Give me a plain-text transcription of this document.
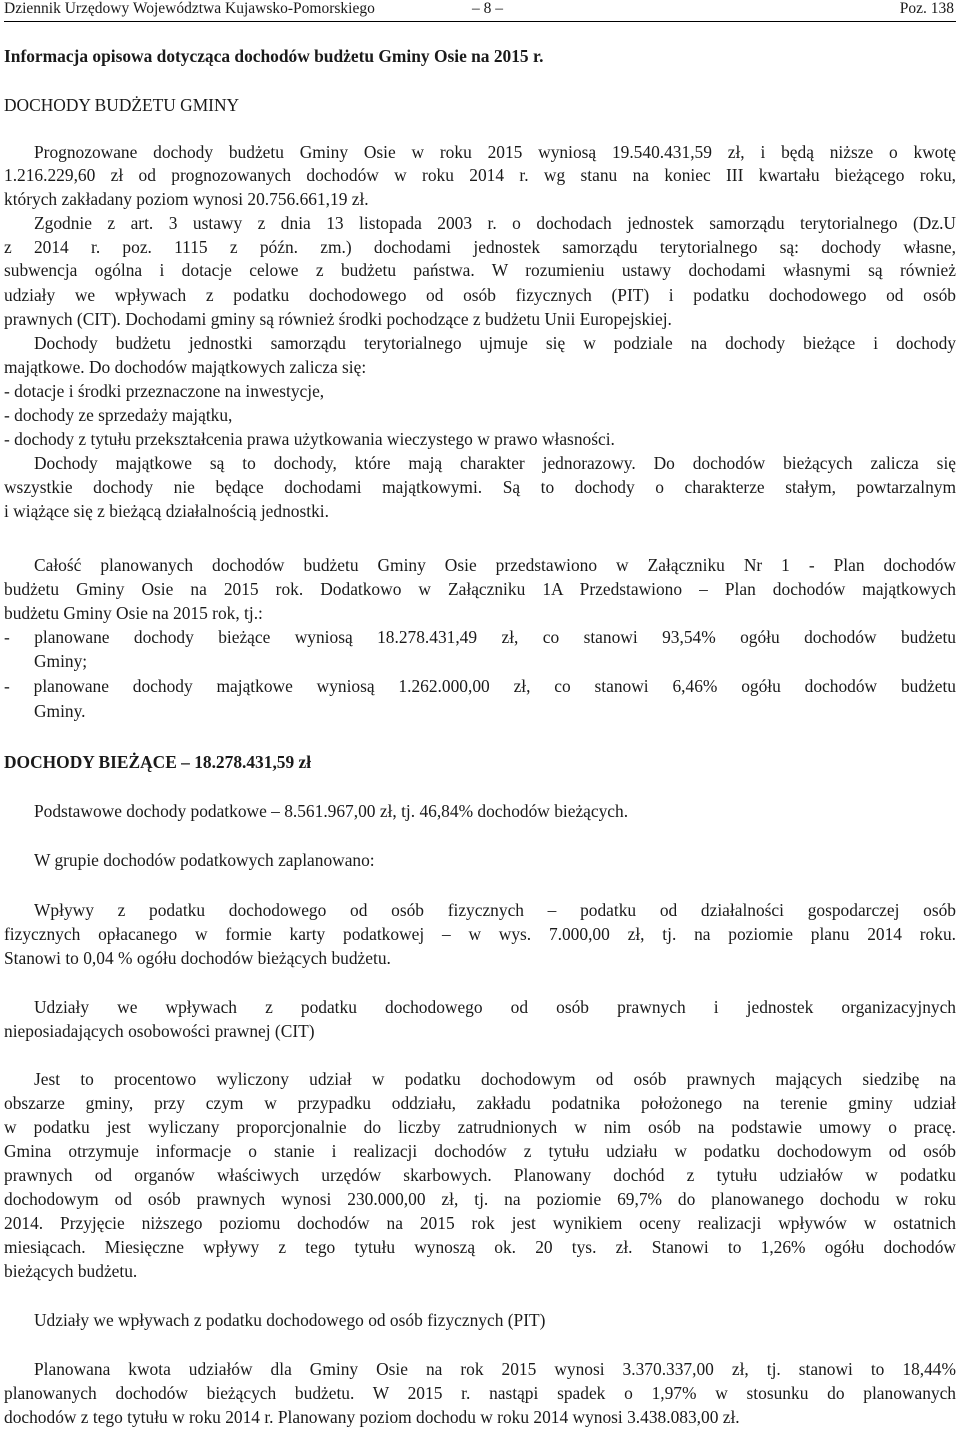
Dziennik Urzędowy Województwa Kujawsko-Pomorskiego	– 8 –	Poz. 138
Informacja opisowa dotycząca dochodów budżetu Gminy Osie na 2015 r.
DOCHODY BUDŻETU GMINY
Prognozowane dochody budżetu Gminy Osie w roku 2015 wyniosą 19.540.431,59 zł, i będą niższe o kwotę
1.216.229,60 zł od prognozowanych dochodów w roku 2014 r. wg stanu na koniec III kwartału bieżącego roku,
których zakładany poziom wynosi 20.756.661,19 zł.
Zgodnie z art. 3 ustawy z dnia 13 listopada 2003 r. o dochodach jednostek samorządu terytorialnego (Dz.U
z 2014 r. poz. 1115 z późn. zm.) dochodami jednostek samorządu terytorialnego są: dochody własne,
subwencja ogólna i dotacje celowe z budżetu państwa. W rozumieniu ustawy dochodami własnymi są również
udziały we wpływach z podatku dochodowego od osób fizycznych (PIT) i podatku dochodowego od osób
prawnych (CIT). Dochodami gminy są również środki pochodzące z budżetu Unii Europejskiej.
Dochody budżetu jednostki samorządu terytorialnego ujmuje się w podziale na dochody bieżące i dochody
majątkowe. Do dochodów majątkowych zalicza się:
- dotacje i środki przeznaczone na inwestycje,
- dochody ze sprzedaży majątku,
- dochody z tytułu przekształcenia prawa użytkowania wieczystego w prawo własności.
Dochody majątkowe są to dochody, które mają charakter jednorazowy. Do dochodów bieżących zalicza się
wszystkie dochody nie będące dochodami majątkowymi. Są to dochody o charakterze stałym, powtarzalnym
i wiążące się z bieżącą działalnością jednostki.
Całość planowanych dochodów budżetu Gminy Osie przedstawiono w Załączniku Nr 1 - Plan dochodów
budżetu Gminy Osie na 2015 rok. Dodatkowo w Załączniku 1A Przedstawiono – Plan dochodów majątkowych
budżetu Gminy Osie na 2015 rok, tj.:
- planowane dochody bieżące wyniosą 18.278.431,49 zł, co stanowi 93,54% ogółu dochodów budżetu
Gminy;
- planowane dochody majątkowe wyniosą 1.262.000,00 zł, co stanowi 6,46% ogółu dochodów budżetu
Gminy.
DOCHODY BIEŻĄCE – 18.278.431,59 zł
Podstawowe dochody podatkowe – 8.561.967,00 zł, tj. 46,84% dochodów bieżących.
W grupie dochodów podatkowych zaplanowano:
Wpływy z podatku dochodowego od osób fizycznych – podatku od działalności gospodarczej osób
fizycznych opłacanego w formie karty podatkowej – w wys. 7.000,00 zł, tj. na poziomie planu 2014 roku.
Stanowi to 0,04 % ogółu dochodów bieżących budżetu.
Udziały we wpływach z podatku dochodowego od osób prawnych i jednostek organizacyjnych
nieposiadających osobowości prawnej (CIT)
Jest to procentowo wyliczony udział w podatku dochodowym od osób prawnych mających siedzibę na
obszarze gminy, przy czym w przypadku oddziału, zakładu podatnika położonego na terenie gminy udział
w podatku jest wyliczany proporcjonalnie do liczby zatrudnionych w nim osób na podstawie umowy o pracę.
Gmina otrzymuje informacje o stanie i realizacji dochodów z tytułu udziału w podatku dochodowym od osób
prawnych od organów właściwych urzędów skarbowych. Planowany dochód z tytułu udziałów w podatku
dochodowym od osób prawnych wynosi 230.000,00 zł, tj. na poziomie 69,7% do planowanego dochodu w roku
2014. Przyjęcie niższego poziomu dochodów na 2015 rok jest wynikiem oceny realizacji wpływów w ostatnich
miesiącach. Miesięczne wpływy z tego tytułu wynoszą ok. 20 tys. zł. Stanowi to 1,26% ogółu dochodów
bieżących budżetu.
Udziały we wpływach z podatku dochodowego od osób fizycznych (PIT)
Planowana kwota udziałów dla Gminy Osie na rok 2015 wynosi 3.370.337,00 zł, tj. stanowi to 18,44%
planowanych dochodów bieżących budżetu. W 2015 r. nastąpi spadek o 1,97% w stosunku do planowanych
dochodów z tego tytułu w roku 2014 r. Planowany poziom dochodu w roku 2014 wynosi 3.438.083,00 zł.
